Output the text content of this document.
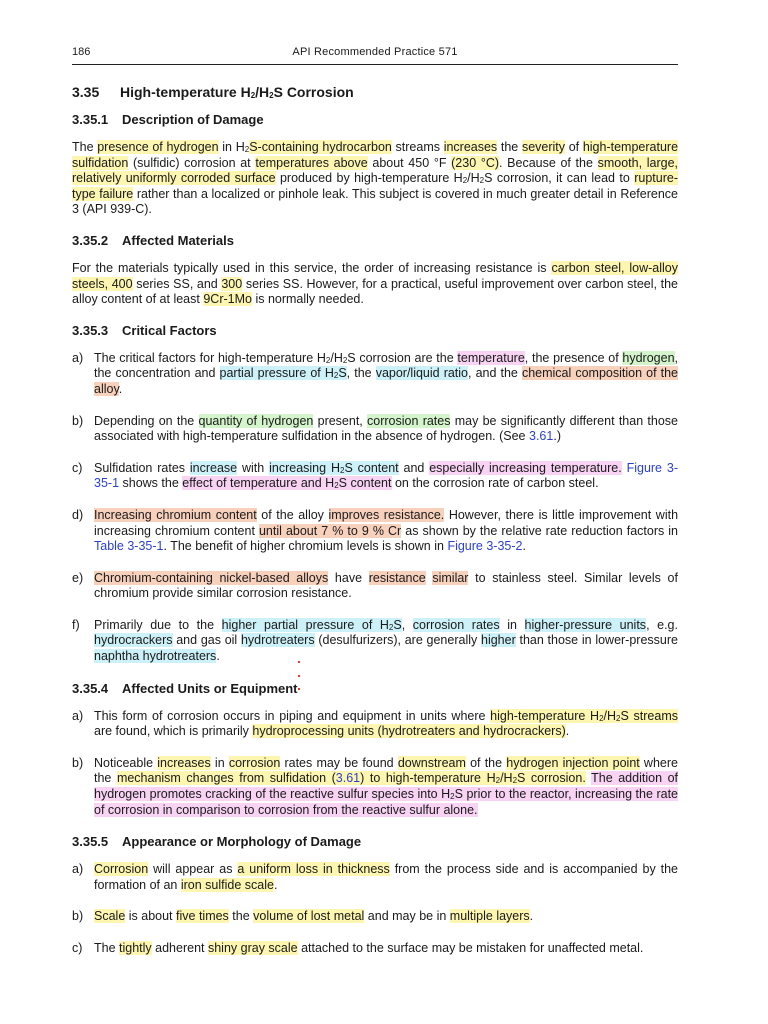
186	API Recommended Practice 571
3.35 High-temperature $H_2/H_2S$ Corrosion
3.35.1 Description of Damage

The presence of hydrogen in $H_2S$-containing hydrocarbon streams increases the severity of high-temperature sulfidation (sulfidic) corrosion at temperatures above about 450 °F (230 °C). Because of the smooth, large, relatively uniformly corroded surface produced by high-temperature $H_2/H_2S$ corrosion, it can lead to rupture-type failure rather than a localized or pinhole leak. This subject is covered in much greater detail in Reference 3 (API 939-C).

3.35.2 Affected Materials

For the materials typically used in this service, the order of increasing resistance is carbon steel, low-alloy steels, 400 series SS, and 300 series SS. However, for a practical, useful improvement over carbon steel, the alloy content of at least 9Cr-1Mo is normally needed.

3.35.3 Critical Factors
a) The critical factors for high-temperature $H_2/H_2S$ corrosion are the temperature, the presence of hydrogen, the concentration and partial pressure of $H_2S$, the vapor/liquid ratio, and the chemical composition of the alloy.
b) Depending on the quantity of hydrogen present, corrosion rates may be significantly different than those associated with high-temperature sulfidation in the absence of hydrogen. (See 3.61.)
c) Sulfidation rates increase with increasing $H_2S$ content and especially increasing temperature. Figure 3-35-1 shows the effect of temperature and $H_2S$ content on the corrosion rate of carbon steel.
d) Increasing chromium content of the alloy improves resistance. However, there is little improvement with increasing chromium content until about 7 % to 9 % Cr as shown by the relative rate reduction factors in Table 3-35-1. The benefit of higher chromium levels is shown in Figure 3-35-2.
e) Chromium-containing nickel-based alloys have resistance similar to stainless steel. Similar levels of chromium provide similar corrosion resistance.
f) Primarily due to the higher partial pressure of $H_2S$, corrosion rates in higher-pressure units, e.g. hydrocrackers and gas oil hydrotreaters (desulfurizers), are generally higher than those in lower-pressure naphtha hydrotreaters.
3.35.4 Affected Units or Equipment
a) This form of corrosion occurs in piping and equipment in units where high-temperature $H_2/H_2S$ streams are found, which is primarily hydroprocessing units (hydrotreaters and hydrocrackers).
b) Noticeable increases in corrosion rates may be found downstream of the hydrogen injection point where the mechanism changes from sulfidation (3.61) to high-temperature $H_2/H_2S$ corrosion. The addition of hydrogen promotes cracking of the reactive sulfur species into $H_2S$ prior to the reactor, increasing the rate of corrosion in comparison to corrosion from the reactive sulfur alone.
3.35.5 Appearance or Morphology of Damage
a) Corrosion will appear as a uniform loss in thickness from the process side and is accompanied by the formation of an iron sulfide scale.
b) Scale is about five times the volume of lost metal and may be in multiple layers.
c) The tightly adherent shiny gray scale attached to the surface may be mistaken for unaffected metal.
